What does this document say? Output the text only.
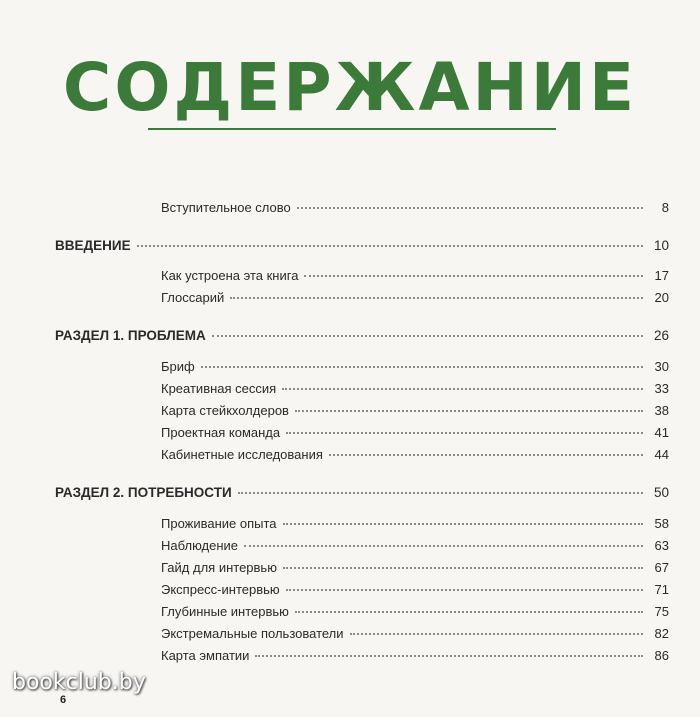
СОДЕРЖАНИЕ
Вступительное слово	8
ВВЕДЕНИЕ	10
Как устроена эта книга	17
Глоссарий	20
РАЗДЕЛ 1. ПРОБЛЕМА	26
Бриф	30
Креативная сессия	33
Карта стейкхолдеров	38
Проектная команда	41
Кабинетные исследования	44
РАЗДЕЛ 2. ПОТРЕБНОСТИ	50
Проживание опыта	58
Наблюдение	63
Гайд для интервью	67
Экспресс-интервью	71
Глубинные интервью	75
Экстремальные пользователи	82
Карта эмпатии	86
bookclub.by
6
